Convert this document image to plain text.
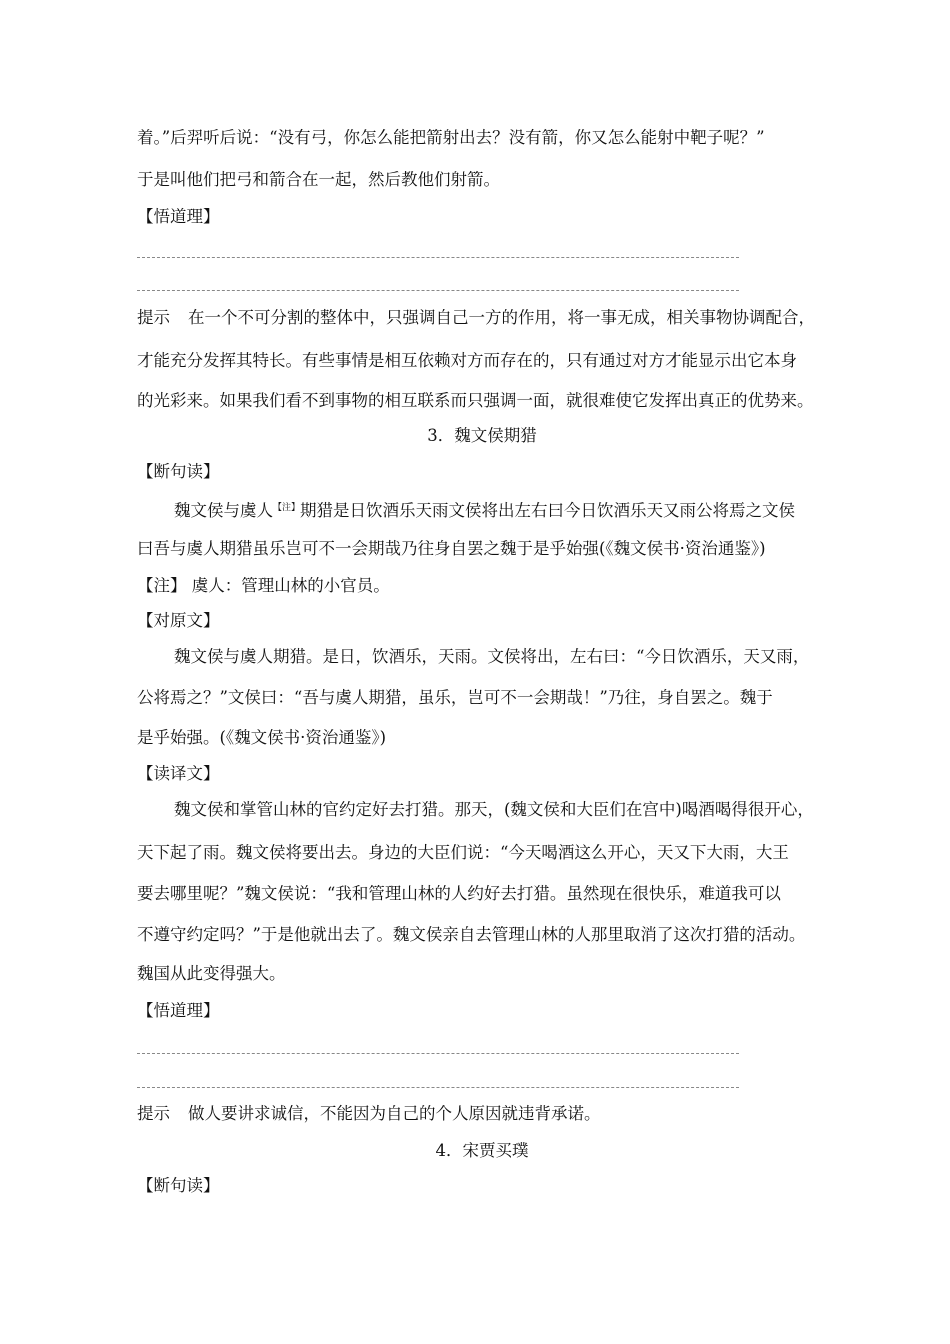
着。”后羿听后说：“没有弓，你怎么能把箭射出去？没有箭，你又怎么能射中靶子呢？”
于是叫他们把弓和箭合在一起，然后教他们射箭。
【悟道理】
提示 在一个不可分割的整体中，只强调自己一方的作用，将一事无成，相关事物协调配合，
才能充分发挥其特长。有些事情是相互依赖对方而存在的，只有通过对方才能显示出它本身
的光彩来。如果我们看不到事物的相互联系而只强调一面，就很难使它发挥出真正的优势来。
3．魏文侯期猎
【断句读】
魏文侯与虞人$^{【注】}$期猎是日饮酒乐天雨文侯将出左右曰今日饮酒乐天又雨公将焉之文侯
曰吾与虞人期猎虽乐岂可不一会期哉乃往身自罢之魏于是乎始强(《魏文侯书·资治通鉴》)
【注】 虞人：管理山林的小官员。
【对原文】
魏文侯与虞人期猎。是日，饮酒乐，天雨。文侯将出，左右曰：“今日饮酒乐，天又雨，
公将焉之？”文侯曰：“吾与虞人期猎，虽乐，岂可不一会期哉！”乃往，身自罢之。魏于
是乎始强。(《魏文侯书·资治通鉴》)
【读译文】
魏文侯和掌管山林的官约定好去打猎。那天，(魏文侯和大臣们在宫中)喝酒喝得很开心，
天下起了雨。魏文侯将要出去。身边的大臣们说：“今天喝酒这么开心，天又下大雨，大王
要去哪里呢？”魏文侯说：“我和管理山林的人约好去打猎。虽然现在很快乐，难道我可以
不遵守约定吗？”于是他就出去了。魏文侯亲自去管理山林的人那里取消了这次打猎的活动。
魏国从此变得强大。
【悟道理】
提示 做人要讲求诚信，不能因为自己的个人原因就违背承诺。
4．宋贾买璞
【断句读】
